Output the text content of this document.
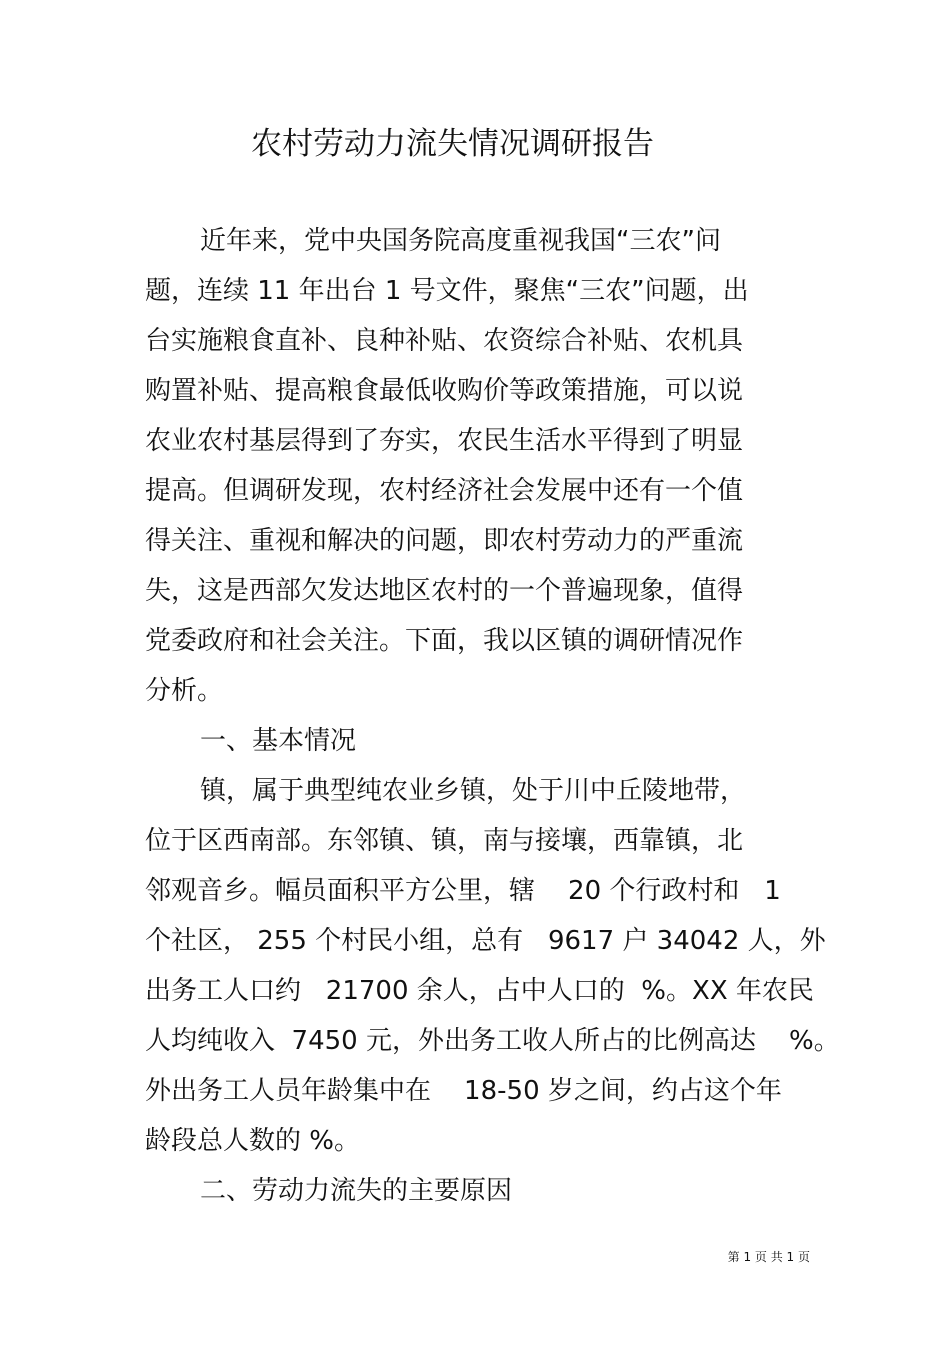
农村劳动力流失情况调研报告
近年来，党中央国务院高度重视我国“三农”问
题，连续 11 年出台 1 号文件，聚焦“三农”问题，出
台实施粮食直补、良种补贴、农资综合补贴、农机具
购置补贴、提高粮食最低收购价等政策措施，可以说
农业农村基层得到了夯实，农民生活水平得到了明显
提高。但调研发现，农村经济社会发展中还有一个值
得关注、重视和解决的问题，即农村劳动力的严重流
失，这是西部欠发达地区农村的一个普遍现象，值得
党委政府和社会关注。下面，我以区镇的调研情况作
分析。
一、基本情况
镇，属于典型纯农业乡镇，处于川中丘陵地带，
位于区西南部。东邻镇、镇，南与接壤，西靠镇，北
邻观音乡。幅员面积平方公里，辖    20 个行政村和   1
个社区， 255 个村民小组，总有   9617 户 34042 人，外
出务工人口约   21700 余人，占中人口的  %。XX 年农民
人均纯收入  7450 元，外出务工收人所占的比例高达    %。
外出务工人员年龄集中在    18-50 岁之间，约占这个年
龄段总人数的 %。
二、劳动力流失的主要原因
第 1 页 共 1 页
